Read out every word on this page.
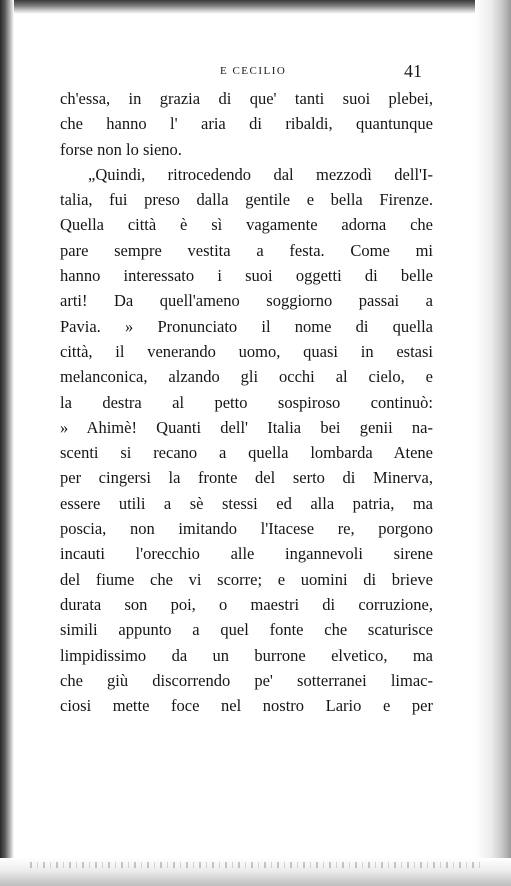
E CECILIO	41
ch'essa, in grazia di que' tanti suoi plebei,
che hanno l' aria di ribaldi, quantunque
forse non lo sieno.
„Quindi, ritrocedendo dal mezzodì dell'I-
talia, fui preso dalla gentile e bella Firenze.
Quella città è sì vagamente adorna che
pare sempre vestita a festa. Come mi
hanno interessato i suoi oggetti di belle
arti! Da quell'ameno soggiorno passai a
Pavia. » Pronunciato il nome di quella
città, il venerando uomo, quasi in estasi
melanconica, alzando gli occhi al cielo, e
la destra al petto sospiroso continuò:
» Ahimè! Quanti dell' Italia bei genii na-
scenti si recano a quella lombarda Atene
per cingersi la fronte del serto di Minerva,
essere utili a sè stessi ed alla patria, ma
poscia, non imitando l'Itacese re, porgono
incauti l'orecchio alle ingannevoli sirene
del fiume che vi scorre; e uomini di brieve
durata son poi, o maestri di corruzione,
simili appunto a quel fonte che scaturisce
limpidissimo da un burrone elvetico, ma
che giù discorrendo pe' sotterranei limac-
ciosi mette foce nel nostro Lario e per
